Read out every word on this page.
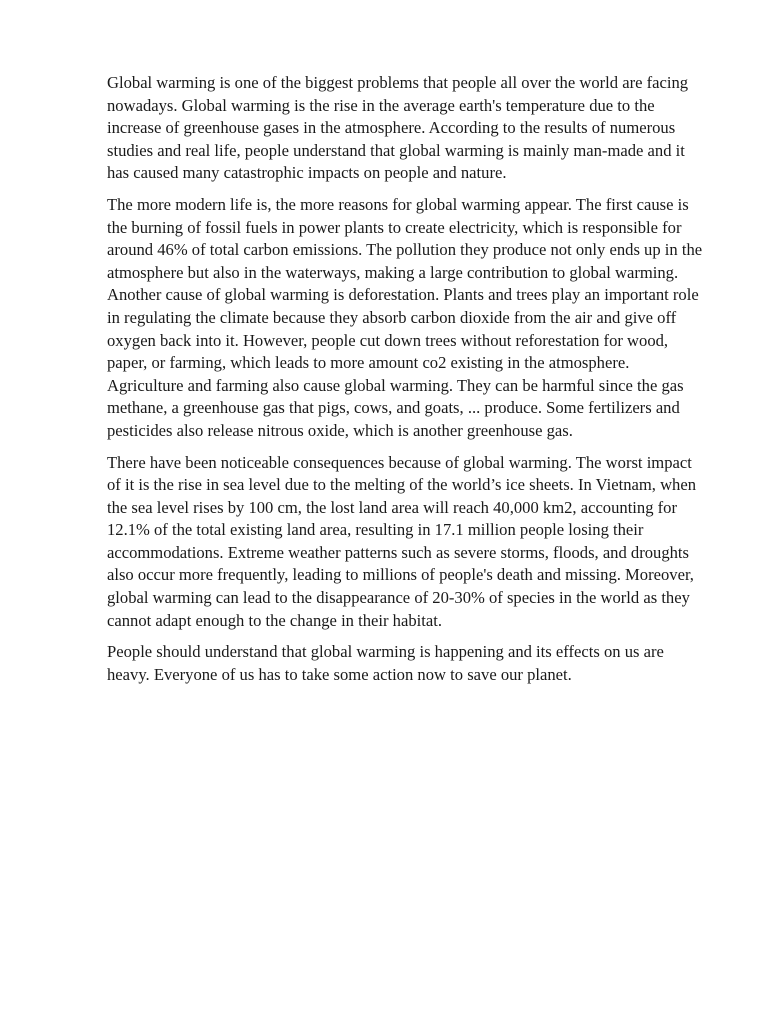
Global warming is one of the biggest problems that people all over the world are facing nowadays. Global warming is the rise in the average earth's temperature due to the increase of greenhouse gases in the atmosphere. According to the results of numerous studies and real life, people understand that global warming is mainly man-made and it has caused many catastrophic impacts on people and nature.

The more modern life is, the more reasons for global warming appear. The first cause is the burning of fossil fuels in power plants to create electricity, which is responsible for around 46% of total carbon emissions. The pollution they produce not only ends up in the atmosphere but also in the waterways, making a large contribution to global warming. Another cause of global warming is deforestation. Plants and trees play an important role in regulating the climate because they absorb carbon dioxide from the air and give off oxygen back into it. However, people cut down trees without reforestation for wood, paper, or farming, which leads to more amount co2 existing in the atmosphere. Agriculture and farming also cause global warming. They can be harmful since the gas methane, a greenhouse gas that pigs, cows, and goats, ... produce. Some fertilizers and pesticides also release nitrous oxide, which is another greenhouse gas.

There have been noticeable consequences because of global warming. The worst impact of it is the rise in sea level due to the melting of the world’s ice sheets. In Vietnam, when the sea level rises by 100 cm, the lost land area will reach 40,000 km2, accounting for 12.1% of the total existing land area, resulting in 17.1 million people losing their accommodations. Extreme weather patterns such as severe storms, floods, and droughts also occur more frequently, leading to millions of people's death and missing. Moreover, global warming can lead to the disappearance of 20-30% of species in the world as they cannot adapt enough to the change in their habitat.

People should understand that global warming is happening and its effects on us are heavy. Everyone of us has to take some action now to save our planet.
